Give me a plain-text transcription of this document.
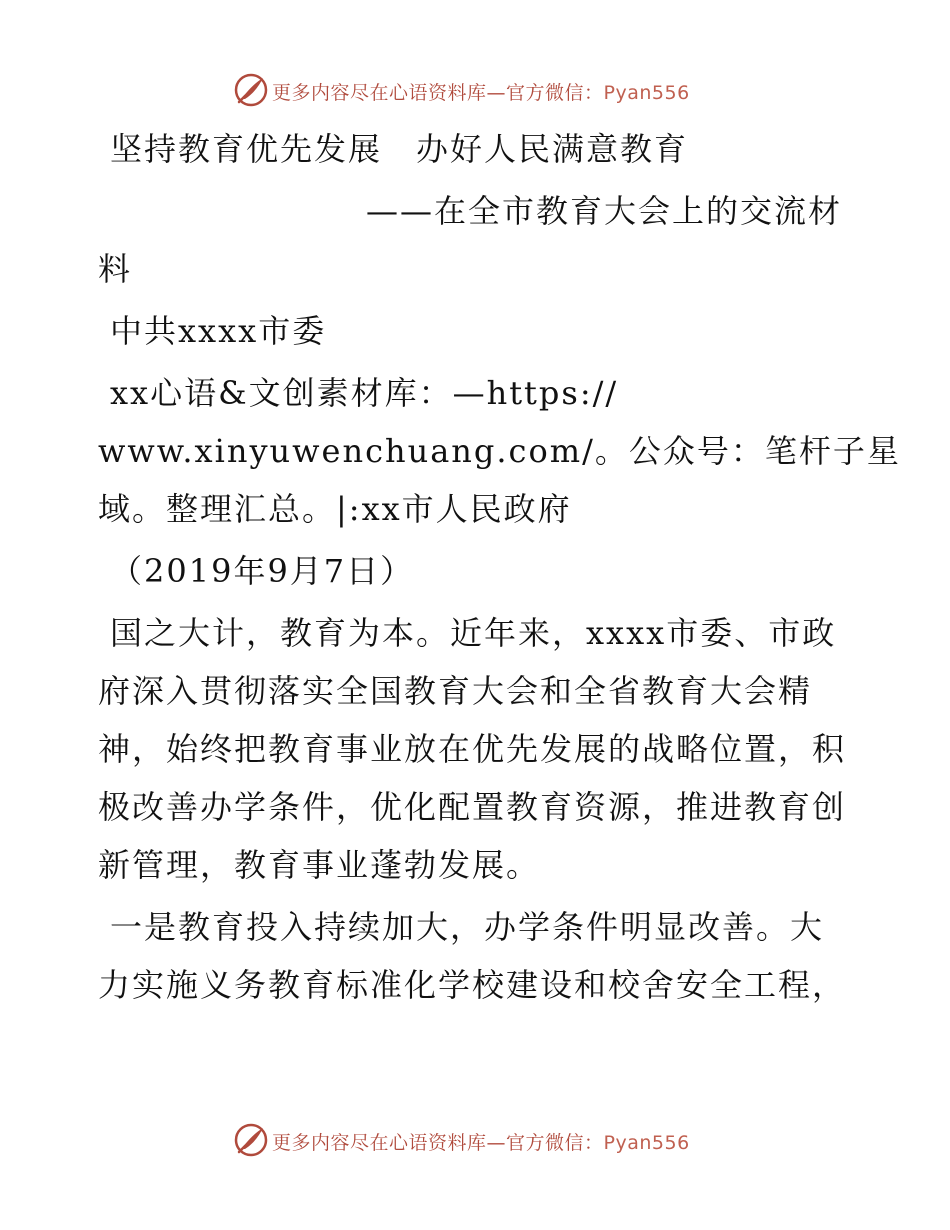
更多内容尽在心语资料库—官方微信：Pyan556
坚持教育优先发展 办好人民满意教育
——在全市教育大会上的交流材
料
中共xxxx市委
xx心语&文创素材库：—https://
www.xinyuwenchuang.com/。公众号：笔杆子星
域。整理汇总。|:xx市人民政府
（2019年9月7日）
国之大计，教育为本。近年来，xxxx市委、市政
府深入贯彻落实全国教育大会和全省教育大会精
神，始终把教育事业放在优先发展的战略位置，积
极改善办学条件，优化配置教育资源，推进教育创
新管理，教育事业蓬勃发展。
一是教育投入持续加大，办学条件明显改善。大
力实施义务教育标准化学校建设和校舍安全工程，
更多内容尽在心语资料库—官方微信：Pyan556
